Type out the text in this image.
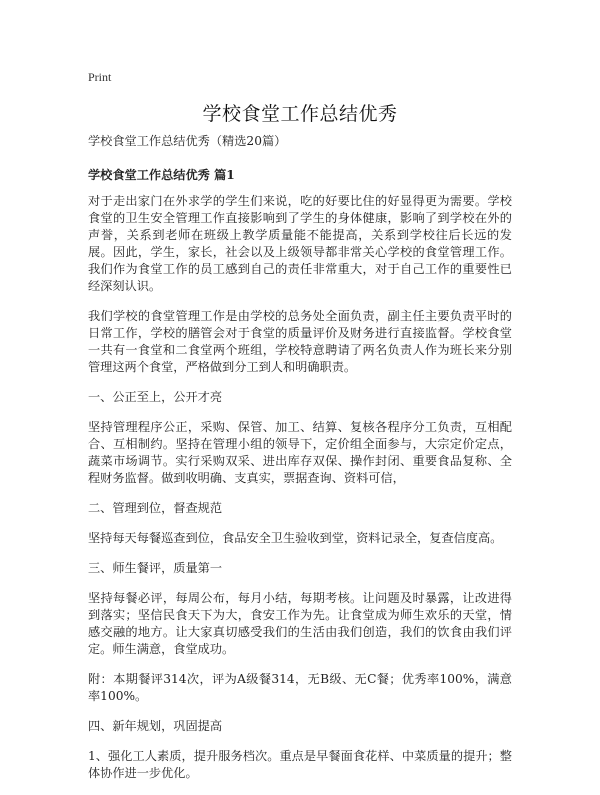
Print
学校食堂工作总结优秀

学校食堂工作总结优秀（精选20篇）

学校食堂工作总结优秀 篇1

对于走出家门在外求学的学生们来说，吃的好要比住的好显得更为需要。学校食堂的卫生安全管理工作直接影响到了学生的身体健康，影响了到学校在外的声誉，关系到老师在班级上教学质量能不能提高，关系到学校往后长远的发展。因此，学生，家长，社会以及上级领导都非常关心学校的食堂管理工作。我们作为食堂工作的员工感到自己的责任非常重大，对于自己工作的重要性已经深刻认识。

我们学校的食堂管理工作是由学校的总务处全面负责，副主任主要负责平时的日常工作，学校的膳管会对于食堂的质量评价及财务进行直接监督。学校食堂一共有一食堂和二食堂两个班组，学校特意聘请了两名负责人作为班长来分别管理这两个食堂，严格做到分工到人和明确职责。

一、公正至上，公开才亮

坚持管理程序公正，采购、保管、加工、结算、复核各程序分工负责，互相配合、互相制约。坚持在管理小组的领导下，定价组全面参与，大宗定价定点，蔬菜市场调节。实行采购双采、进出库存双保、操作封闭、重要食品复称、全程财务监督。做到收明确、支真实，票据查询、资料可信，

二、管理到位，督查规范

坚持每天每餐巡查到位，食品安全卫生验收到堂，资料记录全，复查信度高。

三、师生餐评，质量第一

坚持每餐必评，每周公布，每月小结，每期考核。让问题及时暴露，让改进得到落实；坚信民食天下为大，食安工作为先。让食堂成为师生欢乐的天堂，情感交融的地方。让大家真切感受我们的生活由我们创造，我们的饮食由我们评定。师生满意，食堂成功。

附：本期餐评314次，评为A级餐314，无B级、无C餐；优秀率100%，满意率100%。

四、新年规划，巩固提高

1、强化工人素质，提升服务档次。重点是早餐面食花样、中菜质量的提升；整体协作进一步优化。
